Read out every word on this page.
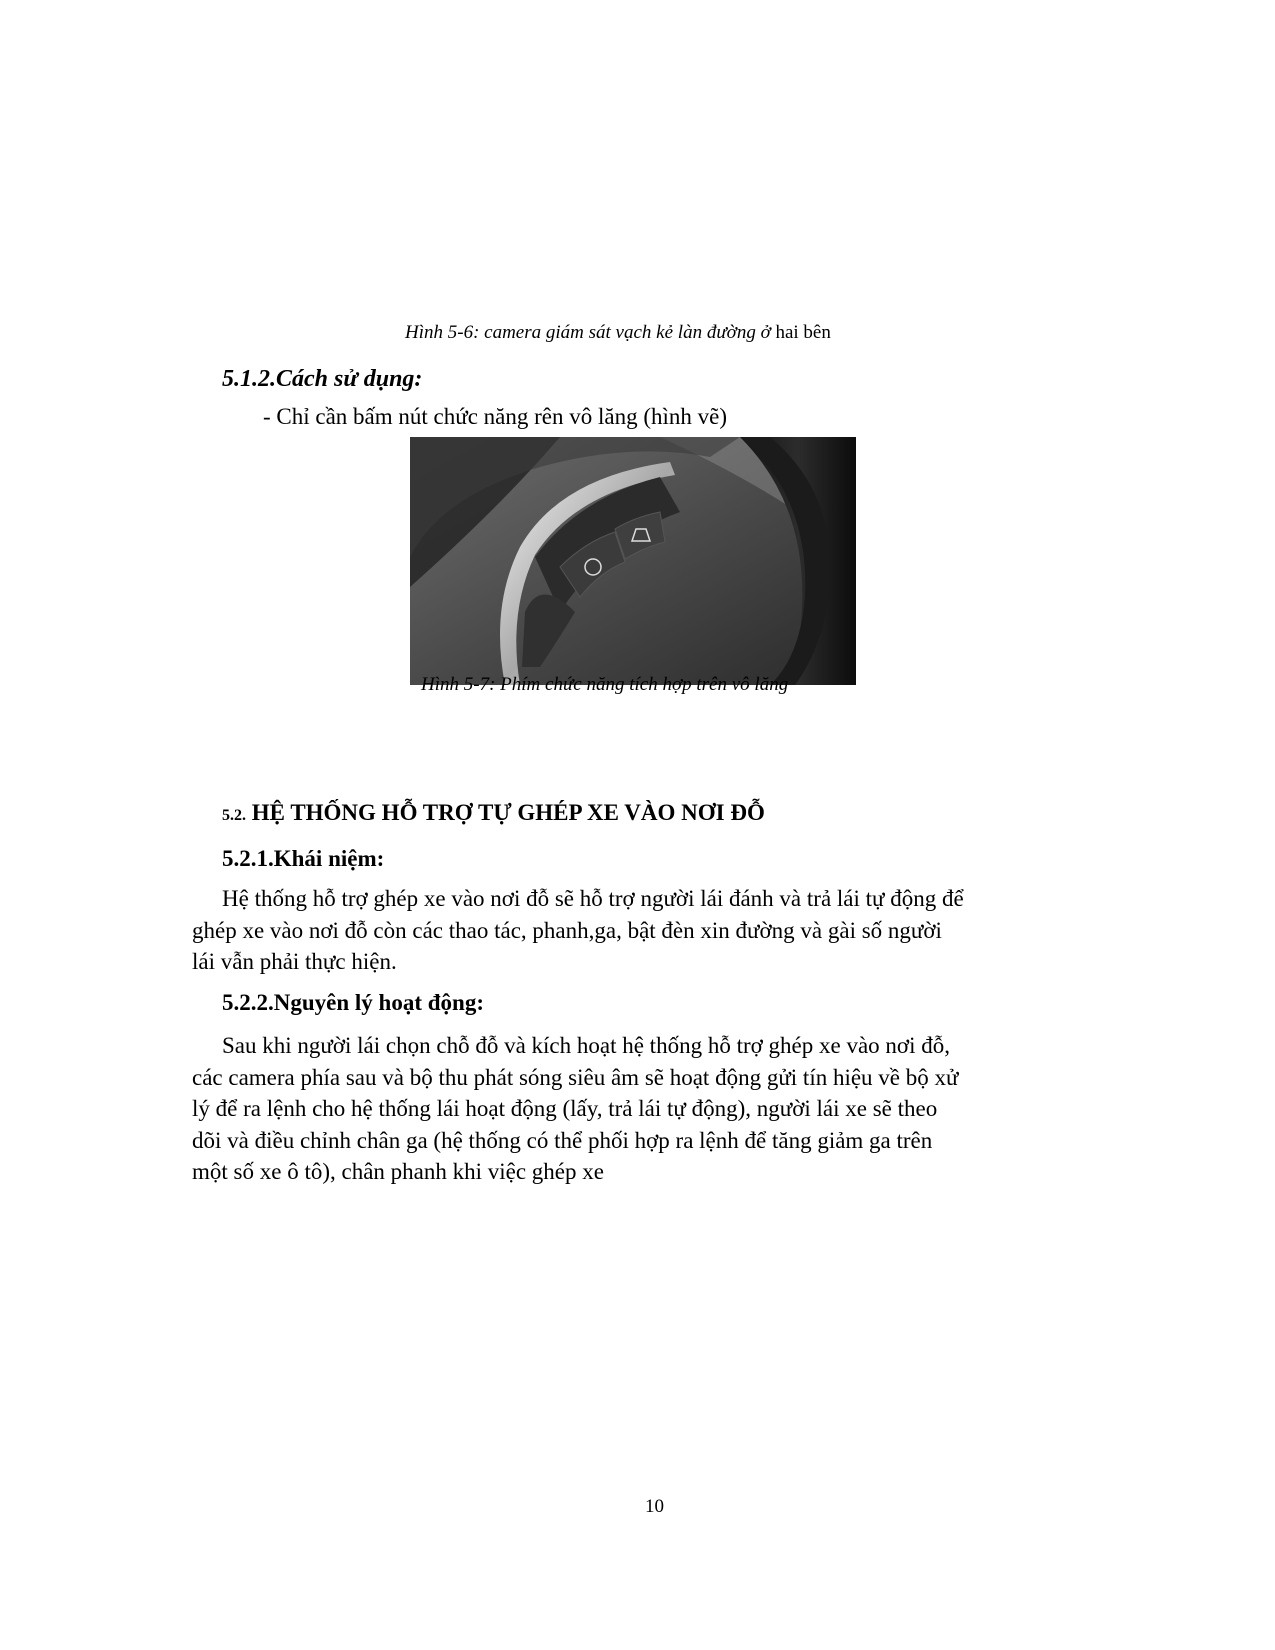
Hình 5-6: camera giám sát vạch kẻ làn đường ở hai bên
5.1.2.Cách sử dụng:
- Chỉ cần bấm nút chức năng rên vô lăng (hình vẽ)
Hình 5-7: Phím chức năng tích hợp trên vô lăng
5.2. HỆ THỐNG HỖ TRỢ TỰ GHÉP XE VÀO NƠI ĐỖ
5.2.1.Khái niệm:
Hệ thống hỗ trợ ghép xe vào nơi đỗ sẽ hỗ trợ người lái đánh và trả lái tự động để
ghép xe vào nơi đỗ còn các thao tác, phanh,ga, bật đèn xin đường và gài số người
lái vẫn phải thực hiện.
5.2.2.Nguyên lý hoạt động:
Sau khi người lái chọn chỗ đỗ và kích hoạt hệ thống hỗ trợ ghép xe vào nơi đỗ,
các camera phía sau và bộ thu phát sóng siêu âm sẽ hoạt động gửi tín hiệu về bộ xử
lý để ra lệnh cho hệ thống lái hoạt động (lấy, trả lái tự động), người lái xe sẽ theo
dõi và điều chỉnh chân ga (hệ thống có thể phối hợp ra lệnh để tăng giảm ga trên
một số xe ô tô), chân phanh khi việc ghép xe
10
